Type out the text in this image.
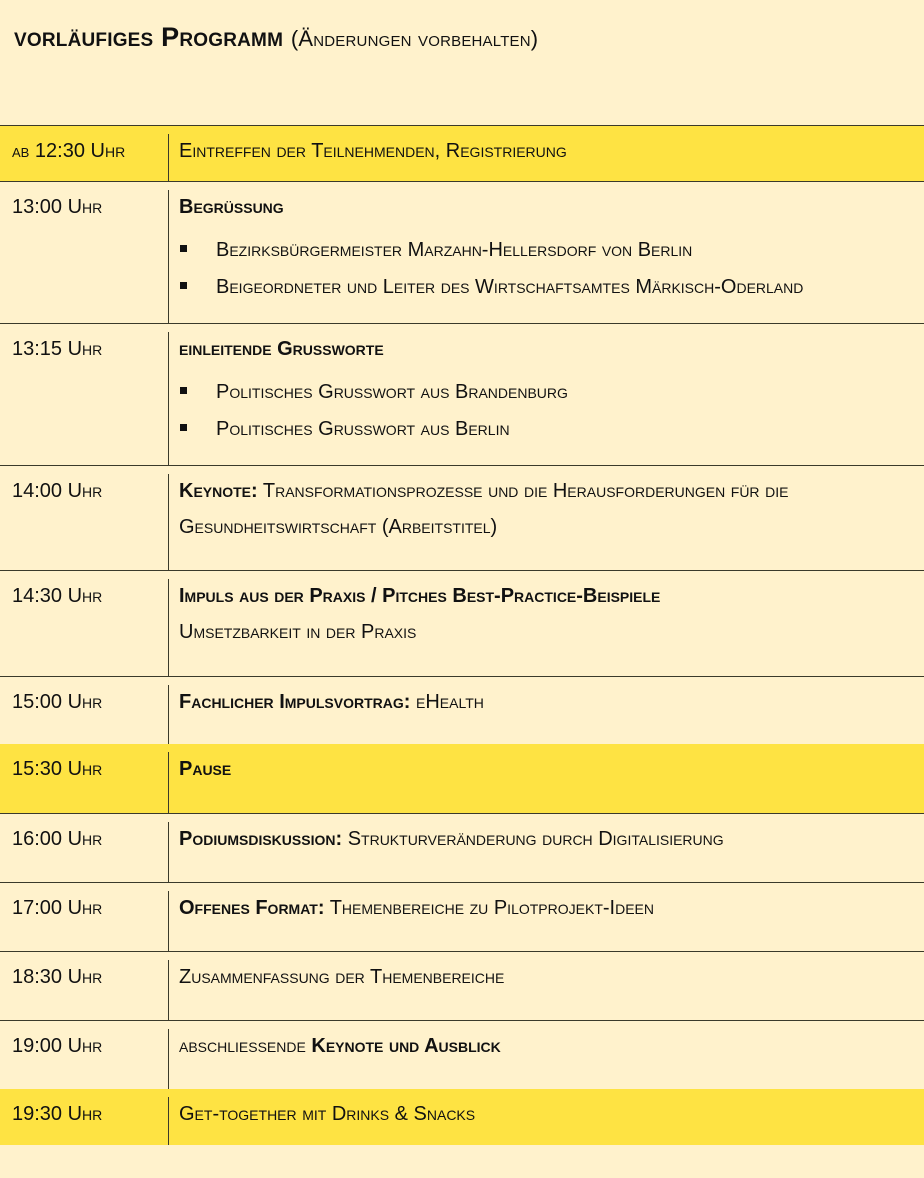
vorläufiges Programm (Änderungen vorbehalten)
ab 12:30 Uhr	Eintreffen der Teilnehmenden, Registrierung
13:00 Uhr	Begrüßung
Bezirksbürgermeister Marzahn-Hellersdorf von Berlin
Beigeordneter und Leiter des Wirtschaftsamtes Märkisch-Oderland
13:15 Uhr	einleitende Grußworte
Politisches Grußwort aus Brandenburg
Politisches Grußwort aus Berlin
14:00 Uhr	Keynote: Transformationsprozesse und die Herausforderungen für die
Gesundheitswirtschaft (Arbeitstitel)
14:30 Uhr	Impuls aus der Praxis / Pitches Best-Practice-Beispiele
Umsetzbarkeit in der Praxis
15:00 Uhr	Fachlicher Impulsvortrag: eHealth
15:30 Uhr	Pause
16:00 Uhr	Podiumsdiskussion: Strukturveränderung durch Digitalisierung
17:00 Uhr	Offenes Format: Themenbereiche zu Pilotprojekt-Ideen
18:30 Uhr	Zusammenfassung der Themenbereiche
19:00 Uhr	abschließende Keynote und Ausblick
19:30 Uhr	Get-together mit Drinks & Snacks
